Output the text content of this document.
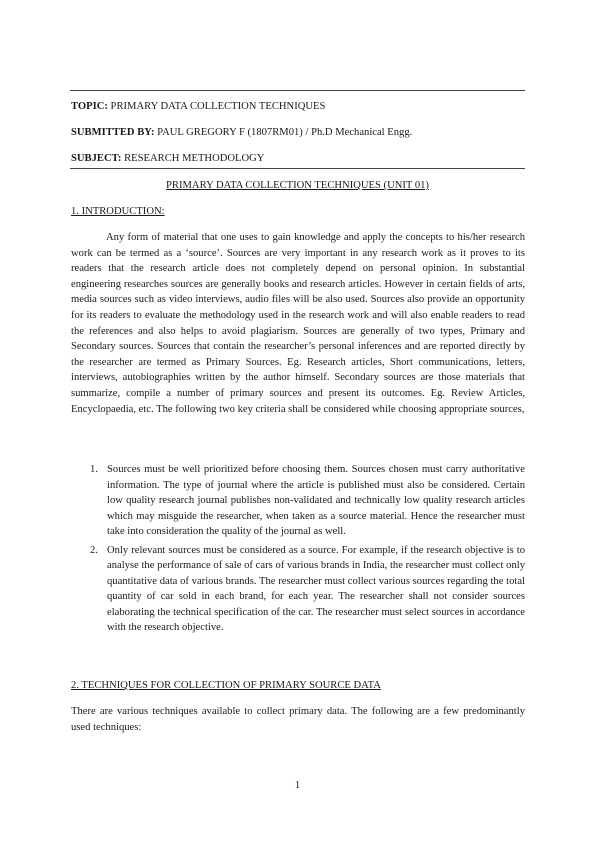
TOPIC: PRIMARY DATA COLLECTION TECHNIQUES
SUBMITTED BY: PAUL GREGORY F (1807RM01) / Ph.D Mechanical Engg.
SUBJECT: RESEARCH METHODOLOGY
PRIMARY DATA COLLECTION TECHNIQUES (UNIT 01)
1. INTRODUCTION:

Any form of material that one uses to gain knowledge and apply the concepts to his/her research work can be termed as a ‘source’. Sources are very important in any research work as it proves to its readers that the research article does not completely depend on personal opinion. In substantial engineering researches sources are generally books and research articles. However in certain fields of arts, media sources such as video interviews, audio files will be also used. Sources also provide an opportunity for its readers to evaluate the methodology used in the research work and will also enable readers to read the references and also helps to avoid plagiarism. Sources are generally of two types, Primary and Secondary sources. Sources that contain the researcher’s personal inferences and are reported directly by the researcher are termed as Primary Sources. Eg. Research articles, Short communications, letters, interviews, autobiographies written by the author himself. Secondary sources are those materials that summarize, compile a number of primary sources and present its outcomes. Eg. Review Articles, Encyclopaedia, etc. The following two key criteria shall be considered while choosing appropriate sources,

1. Sources must be well prioritized before choosing them. Sources chosen must carry authoritative information. The type of journal where the article is published must also be considered. Certain low quality research journal publishes non-validated and technically low quality research articles which may misguide the researcher, when taken as a source material. Hence the researcher must take into consideration the quality of the journal as well.
2. Only relevant sources must be considered as a source. For example, if the research objective is to analyse the performance of sale of cars of various brands in India, the researcher must collect only quantitative data of various brands. The researcher must collect various sources regarding the total quantity of car sold in each brand, for each year. The researcher shall not consider sources elaborating the technical specification of the car. The researcher must select sources in accordance with the research objective.
2. TECHNIQUES FOR COLLECTION OF PRIMARY SOURCE DATA

There are various techniques available to collect primary data. The following are a few predominantly used techniques:

1
